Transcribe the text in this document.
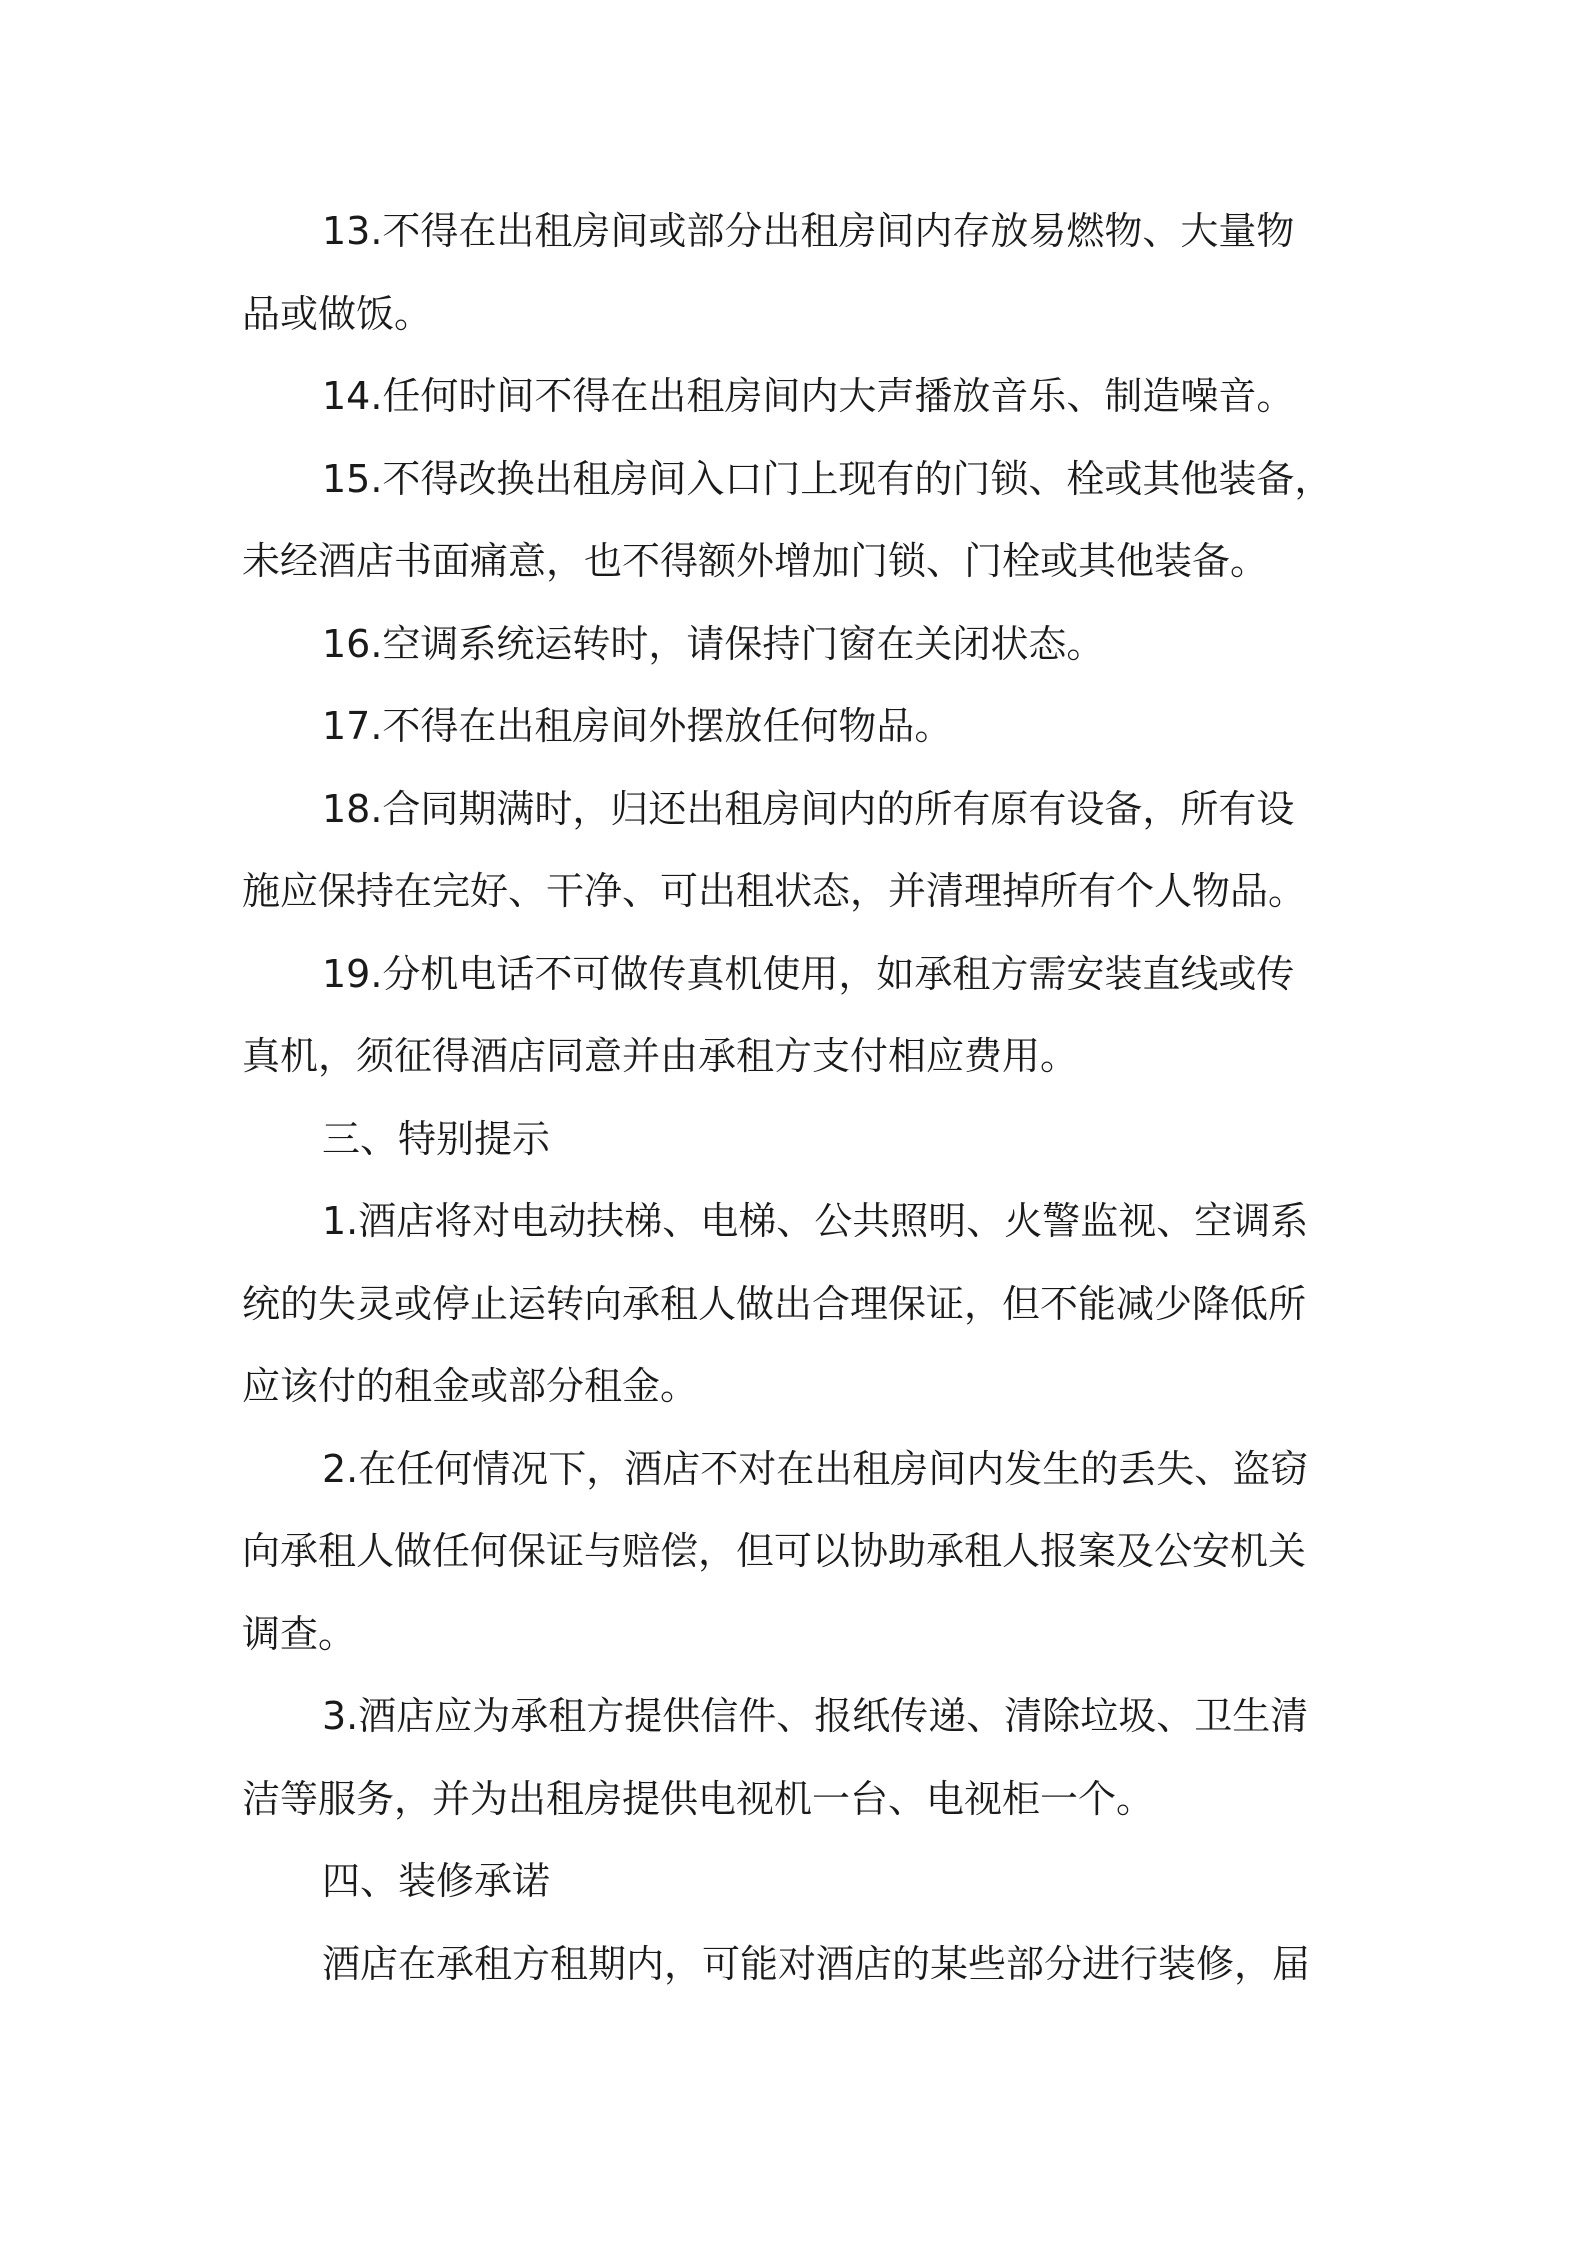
13.不得在出租房间或部分出租房间内存放易燃物、大量物
品或做饭。
14.任何时间不得在出租房间内大声播放音乐、制造噪音。
15.不得改换出租房间入口门上现有的门锁、栓或其他装备，
未经酒店书面痛意，也不得额外增加门锁、门栓或其他装备。
16.空调系统运转时，请保持门窗在关闭状态。
17.不得在出租房间外摆放任何物品。
18.合同期满时，归还出租房间内的所有原有设备，所有设
施应保持在完好、干净、可出租状态，并清理掉所有个人物品。
19.分机电话不可做传真机使用，如承租方需安装直线或传
真机，须征得酒店同意并由承租方支付相应费用。
三、特别提示
1.酒店将对电动扶梯、电梯、公共照明、火警监视、空调系
统的失灵或停止运转向承租人做出合理保证，但不能减少降低所
应该付的租金或部分租金。
2.在任何情况下，酒店不对在出租房间内发生的丢失、盗窃
向承租人做任何保证与赔偿，但可以协助承租人报案及公安机关
调查。
3.酒店应为承租方提供信件、报纸传递、清除垃圾、卫生清
洁等服务，并为出租房提供电视机一台、电视柜一个。
四、装修承诺
酒店在承租方租期内，可能对酒店的某些部分进行装修，届
